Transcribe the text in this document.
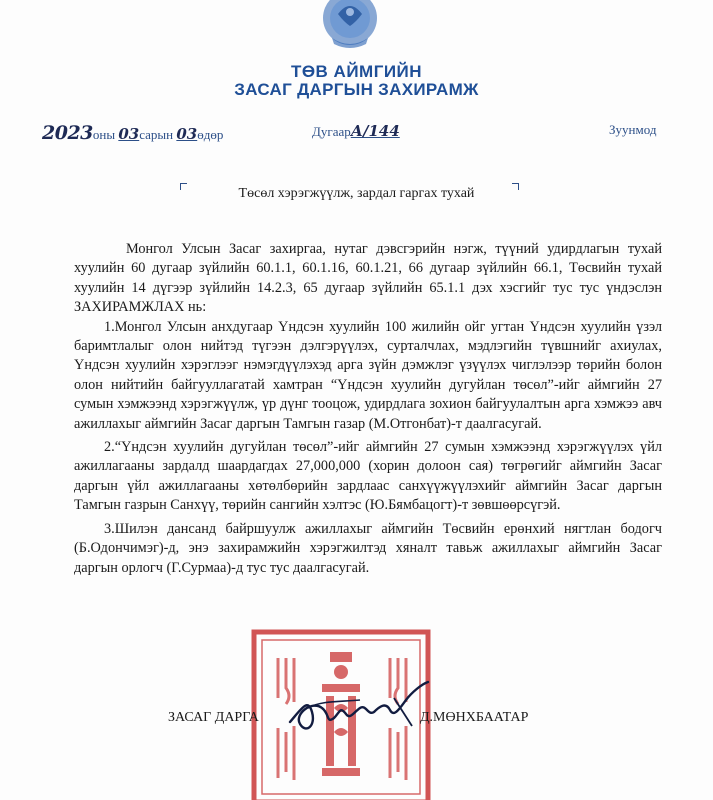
ТӨВ АЙМГИЙН
ЗАСАГ ДАРГЫН ЗАХИРАМЖ
2023оны 03сарын 03өдөр	ДугаарА/144	Зуунмод
Төсөл хэрэгжүүлж, зардал гаргах тухай

Монгол Улсын Засаг захиргаа, нутаг дэвсгэрийн нэгж, түүний удирдлагын тухай хуулийн 60 дугаар зүйлийн 60.1.1, 60.1.16, 60.1.21, 66 дугаар зүйлийн 66.1, Төсвийн тухай хуулийн 14 дүгээр зүйлийн 14.2.3, 65 дугаар зүйлийн 65.1.1 дэх хэсгийг тус тус үндэслэн ЗАХИРАМЖЛАХ нь:

1.Монгол Улсын анхдугаар Үндсэн хуулийн 100 жилийн ойг угтан Үндсэн хуулийн үзэл баримтлалыг олон нийтэд түгээн дэлгэрүүлэх, сурталчлах, мэдлэгийн түвшнийг ахиулах, Үндсэн хуулийн хэрэглээг нэмэгдүүлэхэд арга зүйн дэмжлэг үзүүлэх чиглэлээр төрийн болон олон нийтийн байгууллагатай хамтран “Үндсэн хуулийн дугуйлан төсөл”-ийг аймгийн 27 сумын хэмжээнд хэрэгжүүлж, үр дүнг тооцож, удирдлага зохион байгуулалтын арга хэмжээ авч ажиллахыг аймгийн Засаг даргын Тамгын газар (М.Отгонбат)-т даалгасугай.

2.“Үндсэн хуулийн дугуйлан төсөл”-ийг аймгийн 27 сумын хэмжээнд хэрэгжүүлэх үйл ажиллагааны зардалд шаардагдах 27,000,000 (хорин долоон сая) төгрөгийг аймгийн Засаг даргын үйл ажиллагааны хөтөлбөрийн зардлаас санхүүжүүлэхийг аймгийн Засаг даргын Тамгын газрын Санхүү, төрийн сангийн хэлтэс (Ю.Бямбацогт)-т зөвшөөрсүгэй.

3.Шилэн дансанд байршуулж ажиллахыг аймгийн Төсвийн ерөнхий нягтлан бодогч (Б.Одончимэг)-д, энэ захирамжийн хэрэгжилтэд хяналт тавьж ажиллахыг аймгийн Засаг даргын орлогч (Г.Сурмаа)-д тус тус даалгасугай.

ЗАСАГ ДАРГА	Д.МӨНХБААТАР
